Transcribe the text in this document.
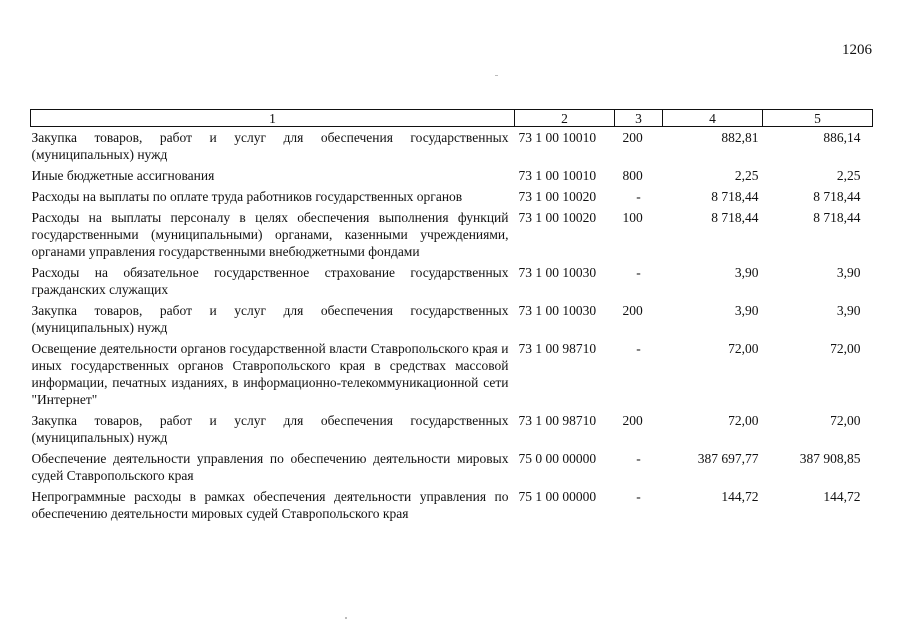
1206
1	2	3	4	5
Закупка товаров, работ и услуг для обеспечения государственных (муниципальных) нужд	73 1 00 10010	200	882,81	886,14
Иные бюджетные ассигнования	73 1 00 10010	800	2,25	2,25
Расходы на выплаты по оплате труда работников государственных органов	73 1 00 10020	-	8 718,44	8 718,44
Расходы на выплаты персоналу в целях обеспечения выполнения функций государственными (муниципальными) органами, казенными учреждениями, органами управления государственными внебюджетными фондами	73 1 00 10020	100	8 718,44	8 718,44
Расходы на обязательное государственное страхование государственных гражданских служащих	73 1 00 10030	-	3,90	3,90
Закупка товаров, работ и услуг для обеспечения государственных (муниципальных) нужд	73 1 00 10030	200	3,90	3,90
Освещение деятельности органов государственной власти Ставропольского края и иных государственных органов Ставропольского края в средствах массовой информации, печатных изданиях, в информационно-телекоммуникационной сети "Интернет"	73 1 00 98710	-	72,00	72,00
Закупка товаров, работ и услуг для обеспечения государственных (муниципальных) нужд	73 1 00 98710	200	72,00	72,00
Обеспечение деятельности управления по обеспечению деятельности мировых судей Ставропольского края	75 0 00 00000	-	387 697,77	387 908,85
Непрограммные расходы в рамках обеспечения деятельности управления по обеспечению деятельности мировых судей Ставропольского края	75 1 00 00000	-	144,72	144,72
